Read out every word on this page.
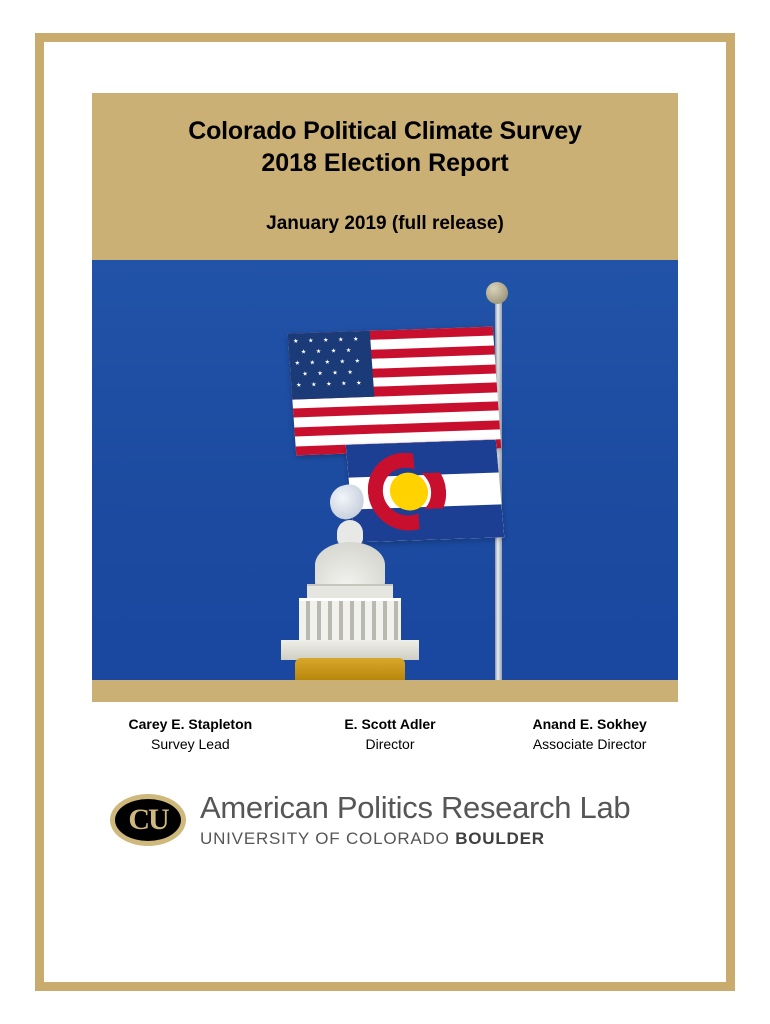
Colorado Political Climate Survey
2018 Election Report
January 2019 (full release)
Carey E. Stapleton
Survey Lead
E. Scott Adler
Director
Anand E. Sokhey
Associate Director
CU	American Politics Research Lab
UNIVERSITY OF COLORADO BOULDER
